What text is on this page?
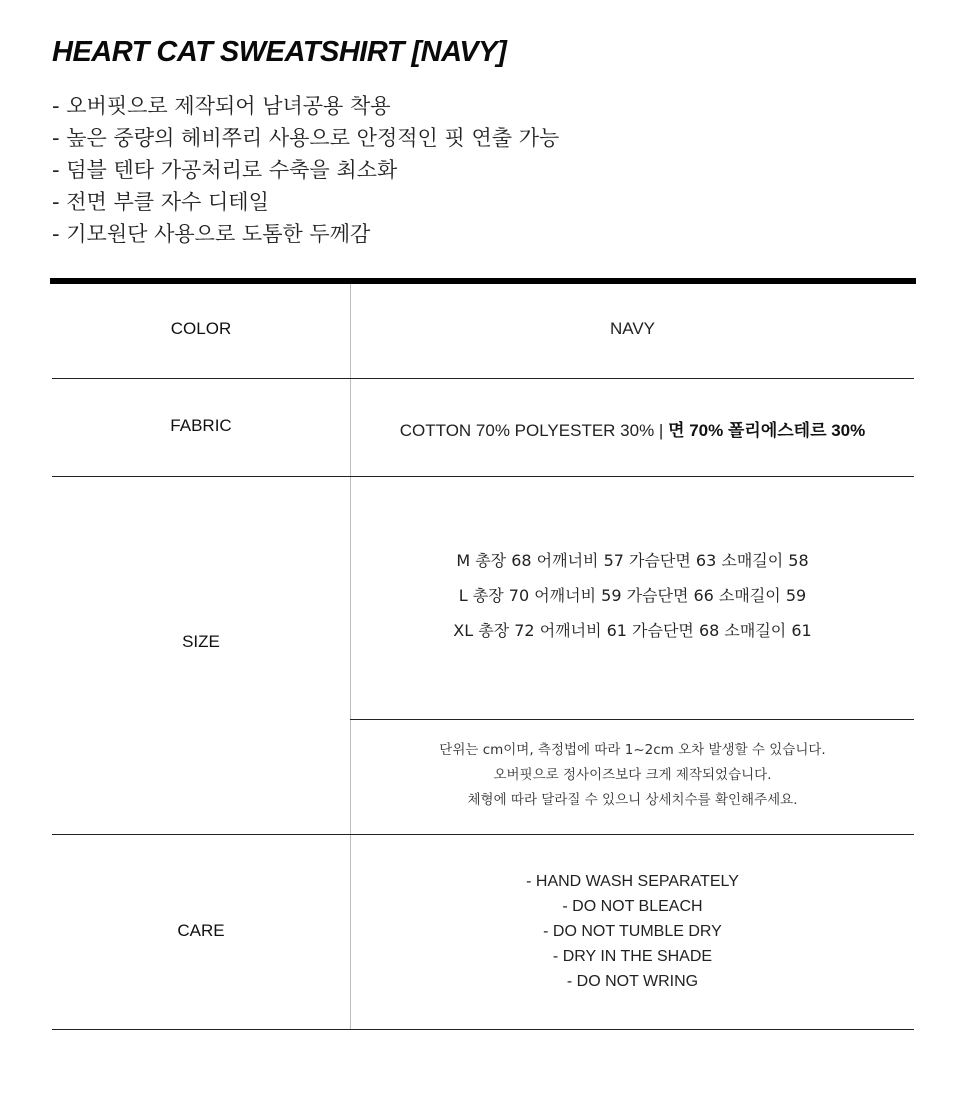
HEART CAT SWEATSHIRT [NAVY]
- 오버핏으로 제작되어 남녀공용 착용
- 높은 중량의 헤비쭈리 사용으로 안정적인 핏 연출 가능
- 덤블 텐타 가공처리로 수축을 최소화
- 전면 부클 자수 디테일
- 기모원단 사용으로 도톰한 두께감
COLOR	NAVY
FABRIC	COTTON 70% POLYESTER 30% | 면 70% 폴리에스테르 30%
SIZE
M 총장 68 어깨너비 57 가슴단면 63 소매길이 58
L 총장 70 어깨너비 59 가슴단면 66 소매길이 59
XL 총장 72 어깨너비 61 가슴단면 68 소매길이 61
단위는 cm이며, 측정법에 따라 1~2cm 오차 발생할 수 있습니다.
오버핏으로 정사이즈보다 크게 제작되었습니다.
체형에 따라 달라질 수 있으니 상세치수를 확인해주세요.
CARE
- HAND WASH SEPARATELY
- DO NOT BLEACH
- DO NOT TUMBLE DRY
- DRY IN THE SHADE
- DO NOT WRING
